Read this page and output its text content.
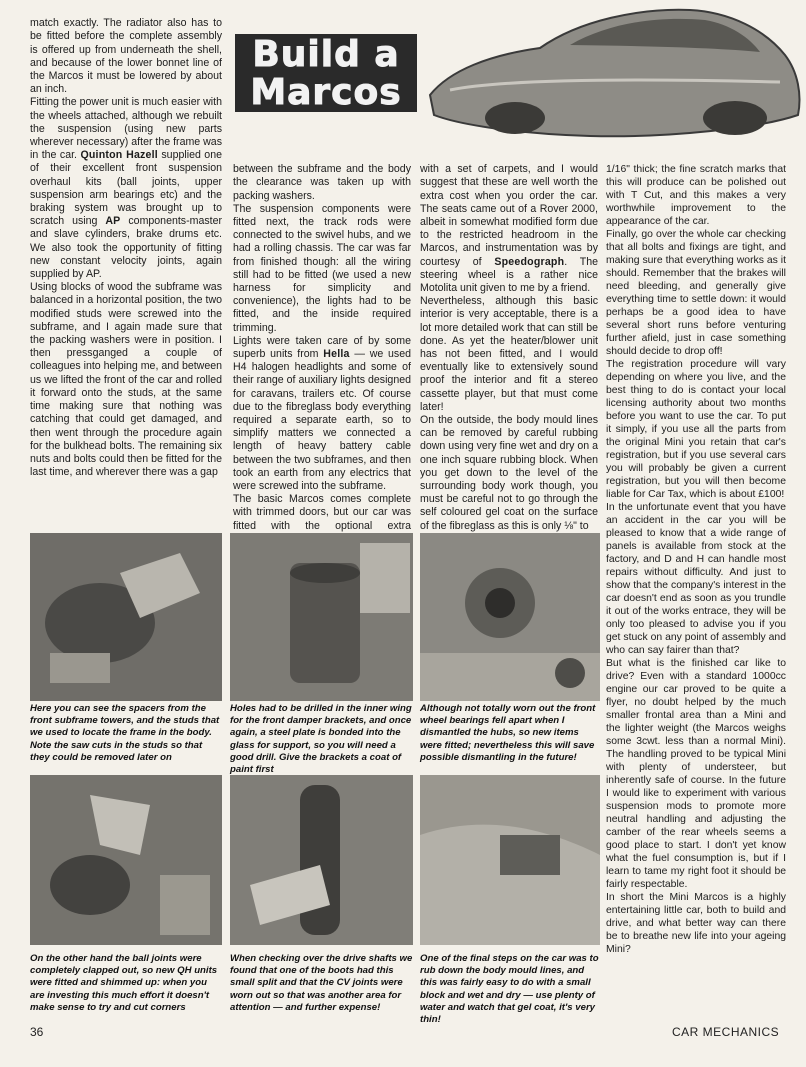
Build a
Marcos

match exactly. The radiator also has to be fitted before the complete assembly is offered up from underneath the shell, and because of the lower bonnet line of the Marcos it must be lowered by about an inch.
Fitting the power unit is much easier with the wheels attached, although we rebuilt the suspension (using new parts wherever necessary) after the frame was in the car. Quinton Hazell supplied one of their excellent front suspension overhaul kits (ball joints, upper suspension arm bearings etc) and the braking system was brought up to scratch using AP components-master and slave cylinders, brake drums etc. We also took the opportunity of fitting new constant velocity joints, again supplied by AP.
Using blocks of wood the subframe was balanced in a horizontal position, the two modified studs were screwed into the subframe, and I again made sure that the packing washers were in position. I then pressganged a couple of colleagues into helping me, and between us we lifted the front of the car and rolled it forward onto the studs, at the same time making sure that nothing was catching that could get damaged, and then went through the procedure again for the bulkhead bolts. The remaining six nuts and bolts could then be fitted for the last time, and wherever there was a gap

between the subframe and the body the clearance was taken up with packing washers.
The suspension components were fitted next, the track rods were connected to the swivel hubs, and we had a rolling chassis. The car was far from finished though: all the wiring still had to be fitted (we used a new harness for simplicity and convenience), the lights had to be fitted, and the inside required trimming.
Lights were taken care of by some superb units from Hella — we used H4 halogen headlights and some of their range of auxiliary lights designed for caravans, trailers etc. Of course due to the fibreglass body everything required a separate earth, so to simplify matters we connected a length of heavy battery cable between the two subframes, and then took an earth from any electrics that were screwed into the subframe.
The basic Marcos comes complete with trimmed doors, but our car was fitted with the optional extra

with a set of carpets, and I would suggest that these are well worth the extra cost when you order the car. The seats came out of a Rover 2000, albeit in somewhat modified form due to the restricted headroom in the Marcos, and instrumentation was by courtesy of Speedograph. The steering wheel is a rather nice Motolita unit given to me by a friend.
Nevertheless, although this basic interior is very acceptable, there is a lot more detailed work that can still be done. As yet the heater/blower unit has not been fitted, and I would eventually like to extensively sound proof the interior and fit a stereo cassette player, but that must come later!
On the outside, the body mould lines can be removed by careful rubbing down using very fine wet and dry on a one inch square rubbing block. When you get down to the level of the surrounding body work though, you must be careful not to go through the self coloured gel coat on the surface of the fibreglass as this is only ⅛" to

1/16" thick; the fine scratch marks that this will produce can be polished out with T Cut, and this makes a very worthwhile improvement to the appearance of the car.
Finally, go over the whole car checking that all bolts and fixings are tight, and making sure that everything works as it should. Remember that the brakes will need bleeding, and generally give everything time to settle down: it would perhaps be a good idea to have several short runs before venturing further afield, just in case something should decide to drop off!
The registration procedure will vary depending on where you live, and the best thing to do is contact your local licensing authority about two months before you want to use the car. To put it simply, if you use all the parts from the original Mini you retain that car's registration, but if you use several cars you will probably be given a current registration, but you will then become liable for Car Tax, which is about £100!
In the unfortunate event that you have an accident in the car you will be pleased to know that a wide range of panels is available from stock at the factory, and D and H can handle most repairs without difficulty. And just to show that the company's interest in the car doesn't end as soon as you trundle it out of the works entrace, they will be only too pleased to advise you if you get stuck on any point of assembly and who can say fairer than that?
But what is the finished car like to drive? Even with a standard 1000cc engine our car proved to be quite a flyer, no doubt helped by the much smaller frontal area than a Mini and the lighter weight (the Marcos weighs some 3cwt. less than a normal Mini). The handling proved to be typical Mini with plenty of understeer, but inherently safe of course. In the future I would like to experiment with various suspension mods to promote more neutral handling and adjusting the camber of the rear wheels seems a good place to start. I don't yet know what the fuel consumption is, but if I learn to tame my right foot it should be fairly respectable.
In short the Mini Marcos is a highly entertaining little car, both to build and drive, and what better way can there be to breathe new life into your ageing Mini?

Here you can see the spacers from the front subframe towers, and the studs that we used to locate the frame in the body. Note the saw cuts in the studs so that they could be removed later on
Holes had to be drilled in the inner wing for the front damper brackets, and once again, a steel plate is bonded into the glass for support, so you will need a good drill. Give the brackets a coat of paint first
Although not totally worn out the front wheel bearings fell apart when I dismantled the hubs, so new items were fitted; nevertheless this will save possible dismantling in the future!
On the other hand the ball joints were completely clapped out, so new QH units were fitted and shimmed up: when you are investing this much effort it doesn't make sense to try and cut corners
When checking over the drive shafts we found that one of the boots had this small split and that the CV joints were worn out so that was another area for attention — and further expense!
One of the final steps on the car was to rub down the body mould lines, and this was fairly easy to do with a small block and wet and dry — use plenty of water and watch that gel coat, it's very thin!
36	CAR MECHANICS
